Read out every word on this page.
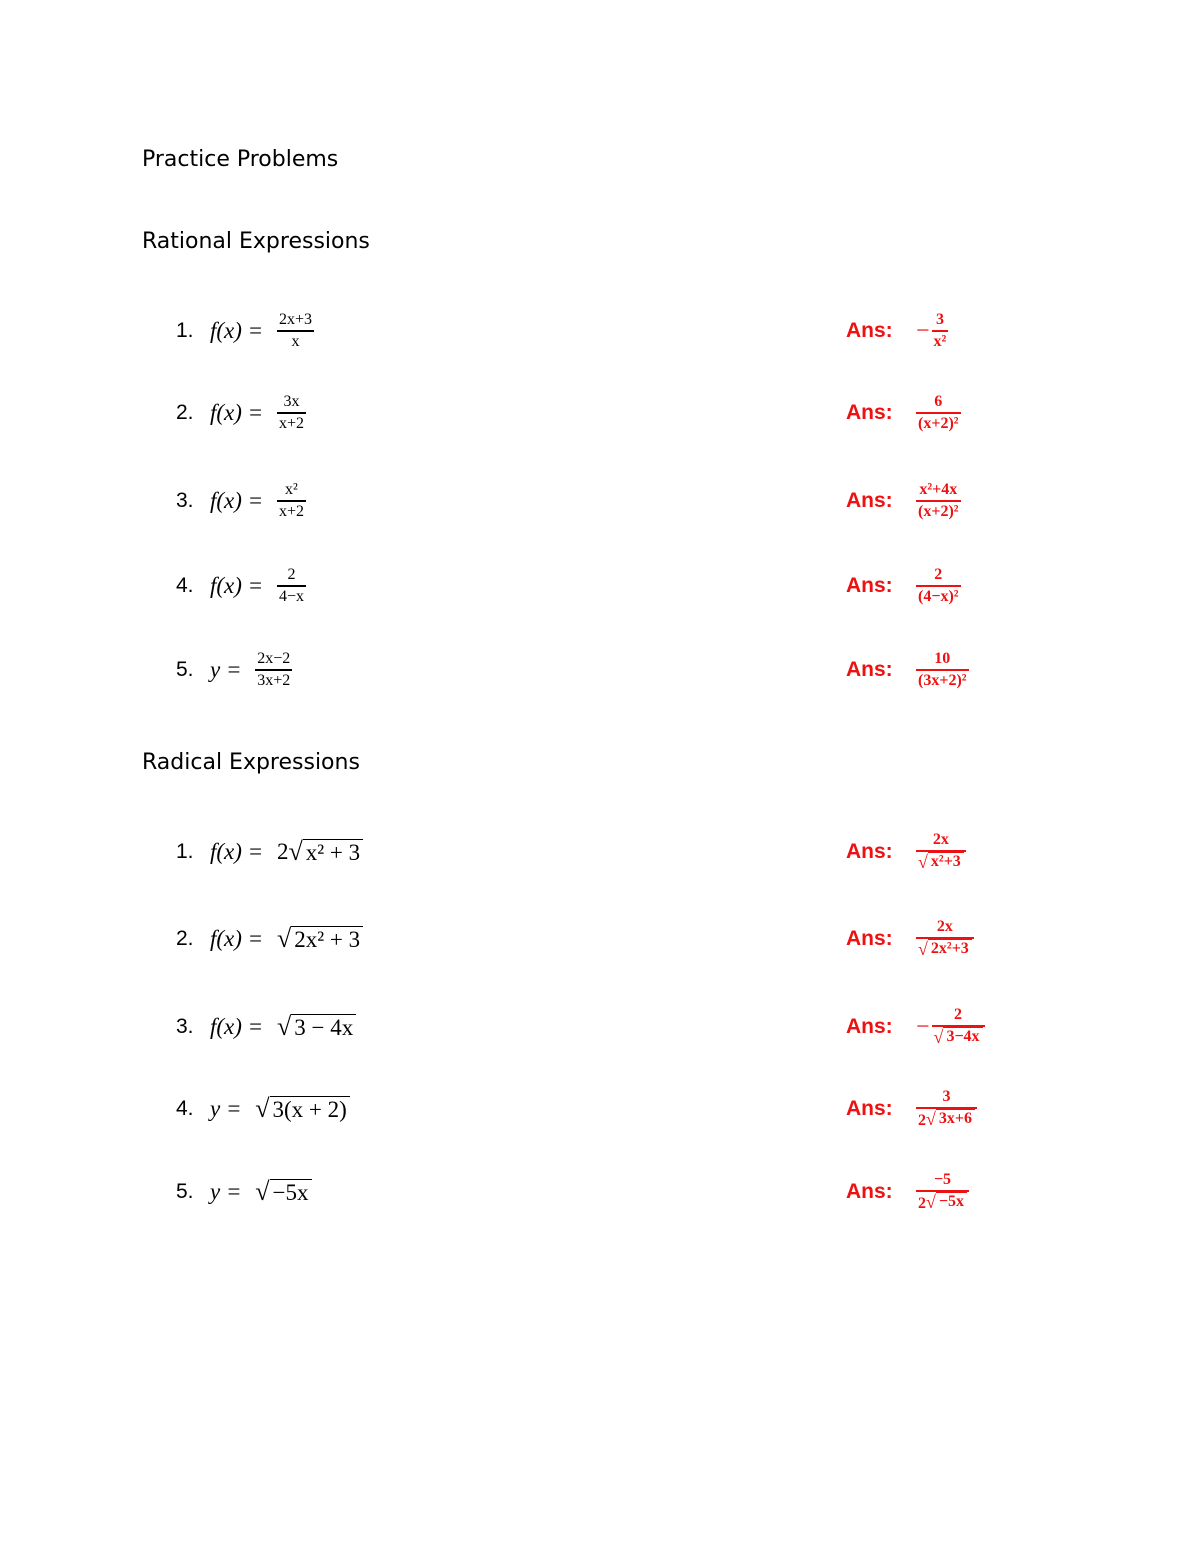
Practice Problems
Rational Expressions
Radical Expressions
1. $f(x) = \frac{2x+3}{x}$	Ans: − $\frac{3}{\text{x²}}$
2. $f(x) = \frac{3x}{x+2}$	Ans:	$\frac{6}{\text{(x+2)²}}$
3. $f(x) = \frac{\text{x²}}{x+2}$	Ans:	$\frac{\text{x²+4x}}{\text{(x+2)²}}$
4. $f(x) = \frac{2}{4-x}$	Ans:	$\frac{2}{\text{(4−x)²}}$
5. $y = \frac{2x-2}{3x+2}$	Ans:	$\frac{10}{\text{(3x+2)²}}$
1. f(x) = 2 √ x² + 3	Ans:	$\frac{2x}{\text{√ x²+3}}$
2. f(x) = √ 2x² + 3	Ans:	$\frac{2x}{\text{√ 2x²+3}}$
3. f(x) = √ 3 − 4x	Ans: − $\frac{2}{√ 3-4x}$
4. y = √ 3(x + 2)	Ans:	$\frac{3}{2 √ 3x+6}$
5. y = √ −5x	Ans:	$\frac{-5}{2 √ -5x}$
